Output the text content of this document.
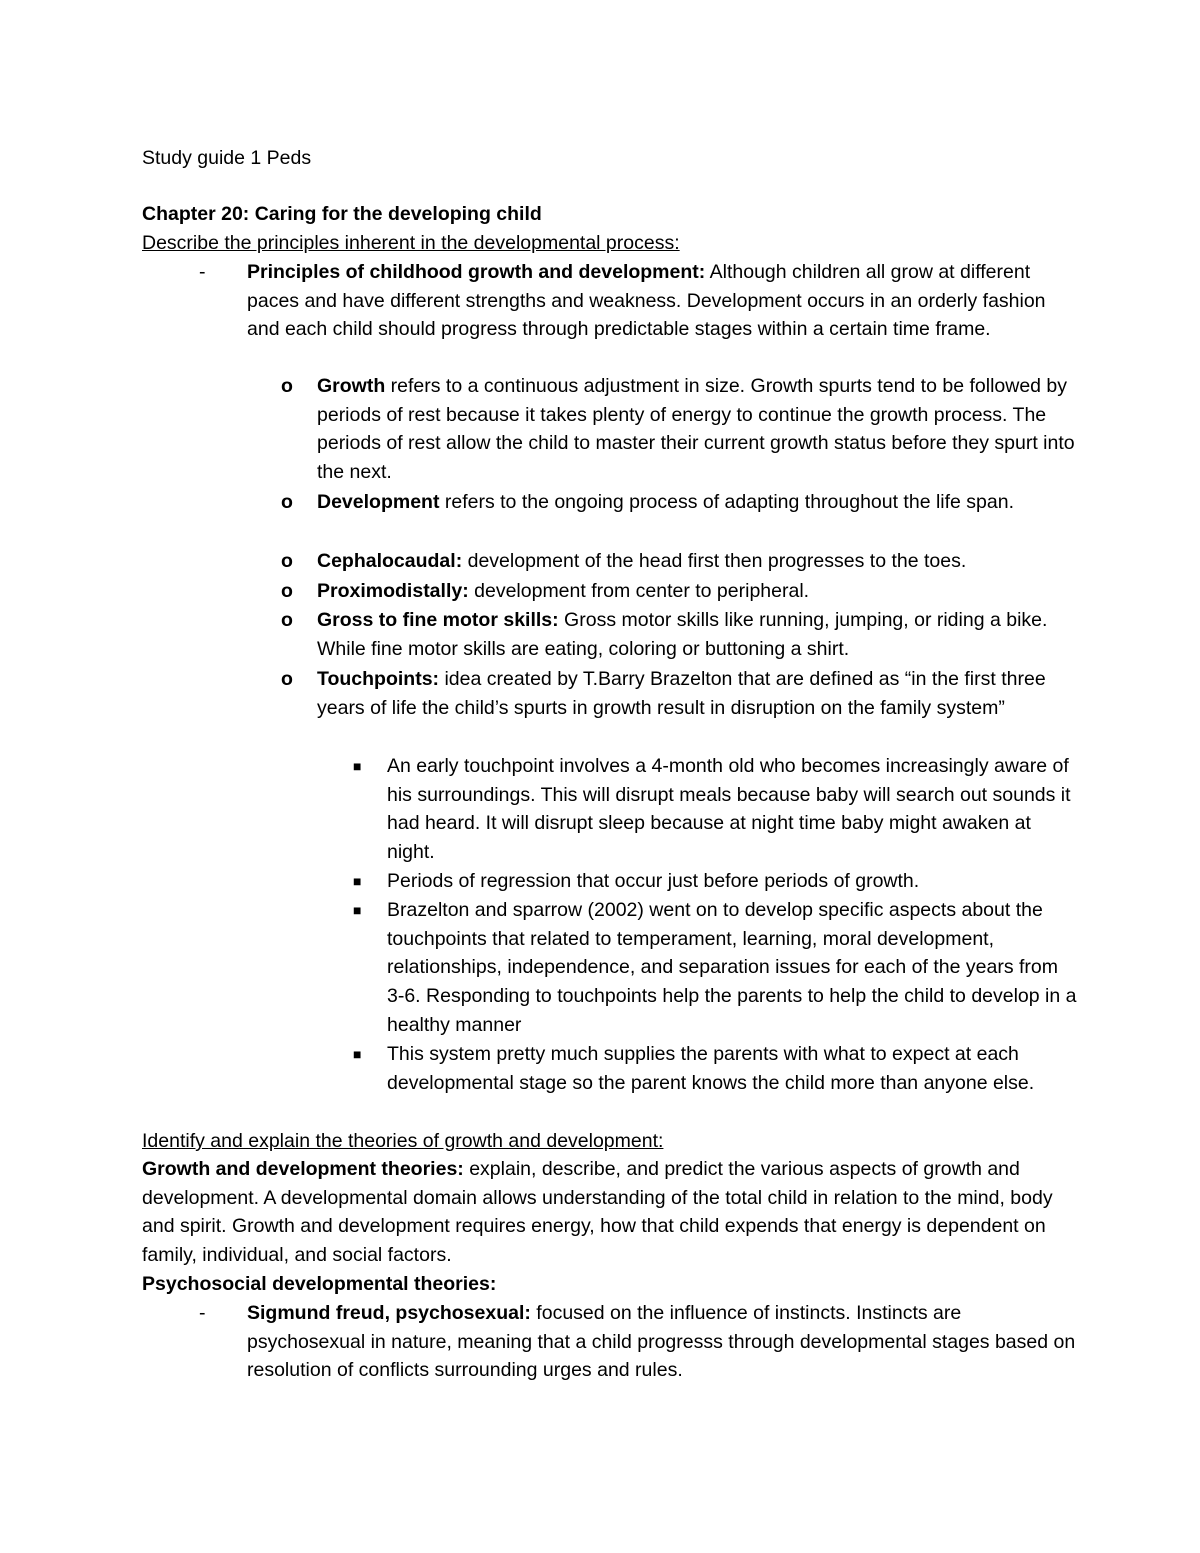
Study guide 1 Peds
Chapter 20: Caring for the developing child
Describe the principles inherent in the developmental process:
- Principles of childhood growth and development: Although children all grow at different paces and have different strengths and weakness. Development occurs in an orderly fashion and each child should progress through predictable stages within a certain time frame.
o Growth refers to a continuous adjustment in size. Growth spurts tend to be followed by periods of rest because it takes plenty of energy to continue the growth process. The periods of rest allow the child to master their current growth status before they spurt into the next.
o Development refers to the ongoing process of adapting throughout the life span.
o Cephalocaudal: development of the head first then progresses to the toes.
o Proximodistally: development from center to peripheral.
o Gross to fine motor skills: Gross motor skills like running, jumping, or riding a bike. While fine motor skills are eating, coloring or buttoning a shirt.
o Touchpoints: idea created by T.Barry Brazelton that are defined as “in the first three years of life the child’s spurts in growth result in disruption on the family system”
■ An early touchpoint involves a 4-month old who becomes increasingly aware of his surroundings. This will disrupt meals because baby will search out sounds it had heard. It will disrupt sleep because at night time baby might awaken at night.
■ Periods of regression that occur just before periods of growth.
■ Brazelton and sparrow (2002) went on to develop specific aspects about the touchpoints that related to temperament, learning, moral development, relationships, independence, and separation issues for each of the years from 3-6. Responding to touchpoints help the parents to help the child to develop in a healthy manner
■ This system pretty much supplies the parents with what to expect at each developmental stage so the parent knows the child more than anyone else.
Identify and explain the theories of growth and development:
Growth and development theories: explain, describe, and predict the various aspects of growth and development. A developmental domain allows understanding of the total child in relation to the mind, body and spirit. Growth and development requires energy, how that child expends that energy is dependent on family, individual, and social factors.
Psychosocial developmental theories:
- Sigmund freud, psychosexual: focused on the influence of instincts. Instincts are psychosexual in nature, meaning that a child progresss through developmental stages based on resolution of conflicts surrounding urges and rules.
